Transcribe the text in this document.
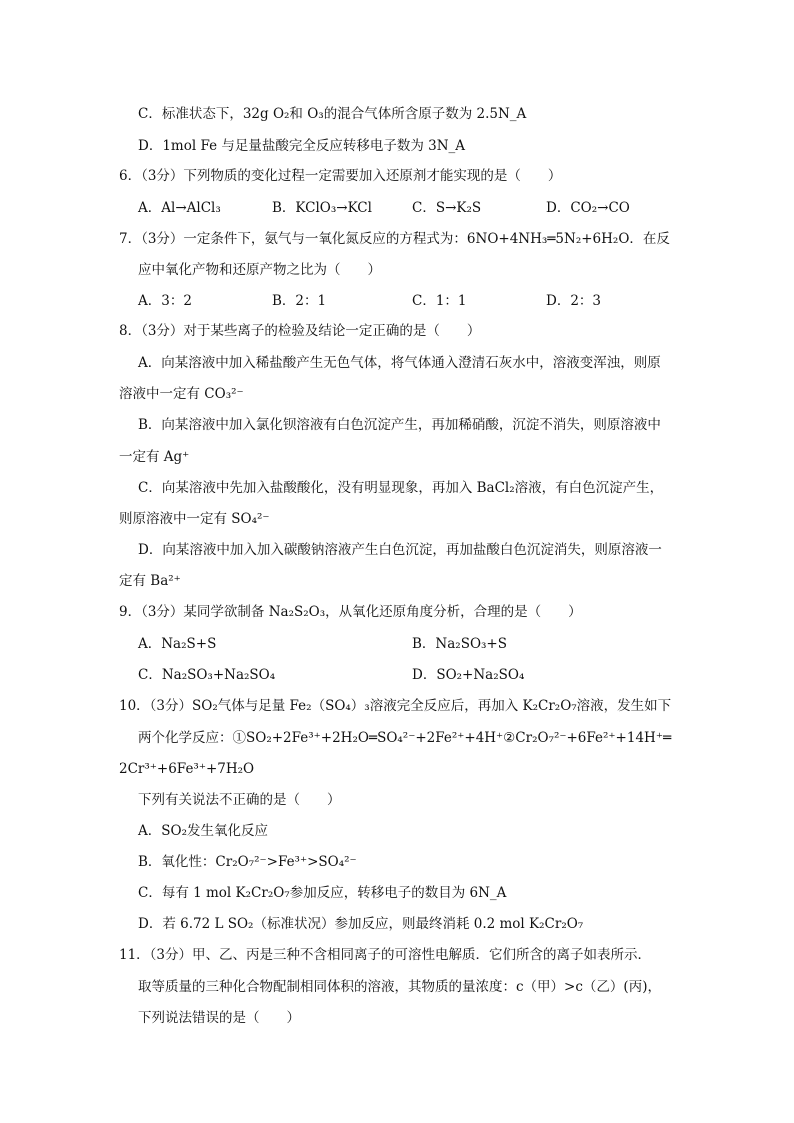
C．标准状态下，32g O₂和 O₃的混合气体所含原子数为 2.5N_A
D．1mol Fe 与足量盐酸完全反应转移电子数为 3N_A
6．（3分）下列物质的变化过程一定需要加入还原剂才能实现的是（　　）
A．Al→AlCl₃	B．KClO₃→KCl	C．S→K₂S	D．CO₂→CO
7．（3分）一定条件下，氨气与一氧化氮反应的方程式为：6NO+4NH₃═5N₂+6H₂O．在反
应中氧化产物和还原产物之比为（　　）
A．3：2	B．2：1	C．1：1	D．2：3
8．（3分）对于某些离子的检验及结论一定正确的是（　　）
A．向某溶液中加入稀盐酸产生无色气体，将气体通入澄清石灰水中，溶液变浑浊，则原
溶液中一定有 CO₃²⁻
B．向某溶液中加入氯化钡溶液有白色沉淀产生，再加稀硝酸，沉淀不消失，则原溶液中
一定有 Ag⁺
C．向某溶液中先加入盐酸酸化，没有明显现象，再加入 BaCl₂溶液，有白色沉淀产生，
则原溶液中一定有 SO₄²⁻
D．向某溶液中加入加入碳酸钠溶液产生白色沉淀，再加盐酸白色沉淀消失，则原溶液一
定有 Ba²⁺
9．（3分）某同学欲制备 Na₂S₂O₃，从氧化还原角度分析，合理的是（　　）
A．Na₂S+S	B．Na₂SO₃+S
C．Na₂SO₃+Na₂SO₄	D．SO₂+Na₂SO₄
10．（3分）SO₂气体与足量 Fe₂（SO₄）₃溶液完全反应后，再加入 K₂Cr₂O₇溶液，发生如下
两个化学反应：①SO₂+2Fe³⁺+2H₂O═SO₄²⁻+2Fe²⁺+4H⁺②Cr₂O₇²⁻+6Fe²⁺+14H⁺═
2Cr³⁺+6Fe³⁺+7H₂O
下列有关说法不正确的是（　　）
A．SO₂发生氧化反应
B．氧化性：Cr₂O₇²⁻>Fe³⁺>SO₄²⁻
C．每有 1 mol K₂Cr₂O₇参加反应，转移电子的数目为 6N_A
D．若 6.72 L SO₂（标准状况）参加反应，则最终消耗 0.2 mol K₂Cr₂O₇
11．（3分）甲、乙、丙是三种不含相同离子的可溶性电解质．它们所含的离子如表所示．
取等质量的三种化合物配制相同体积的溶液，其物质的量浓度：c（甲）>c（乙）(丙)，
下列说法错误的是（　　）
